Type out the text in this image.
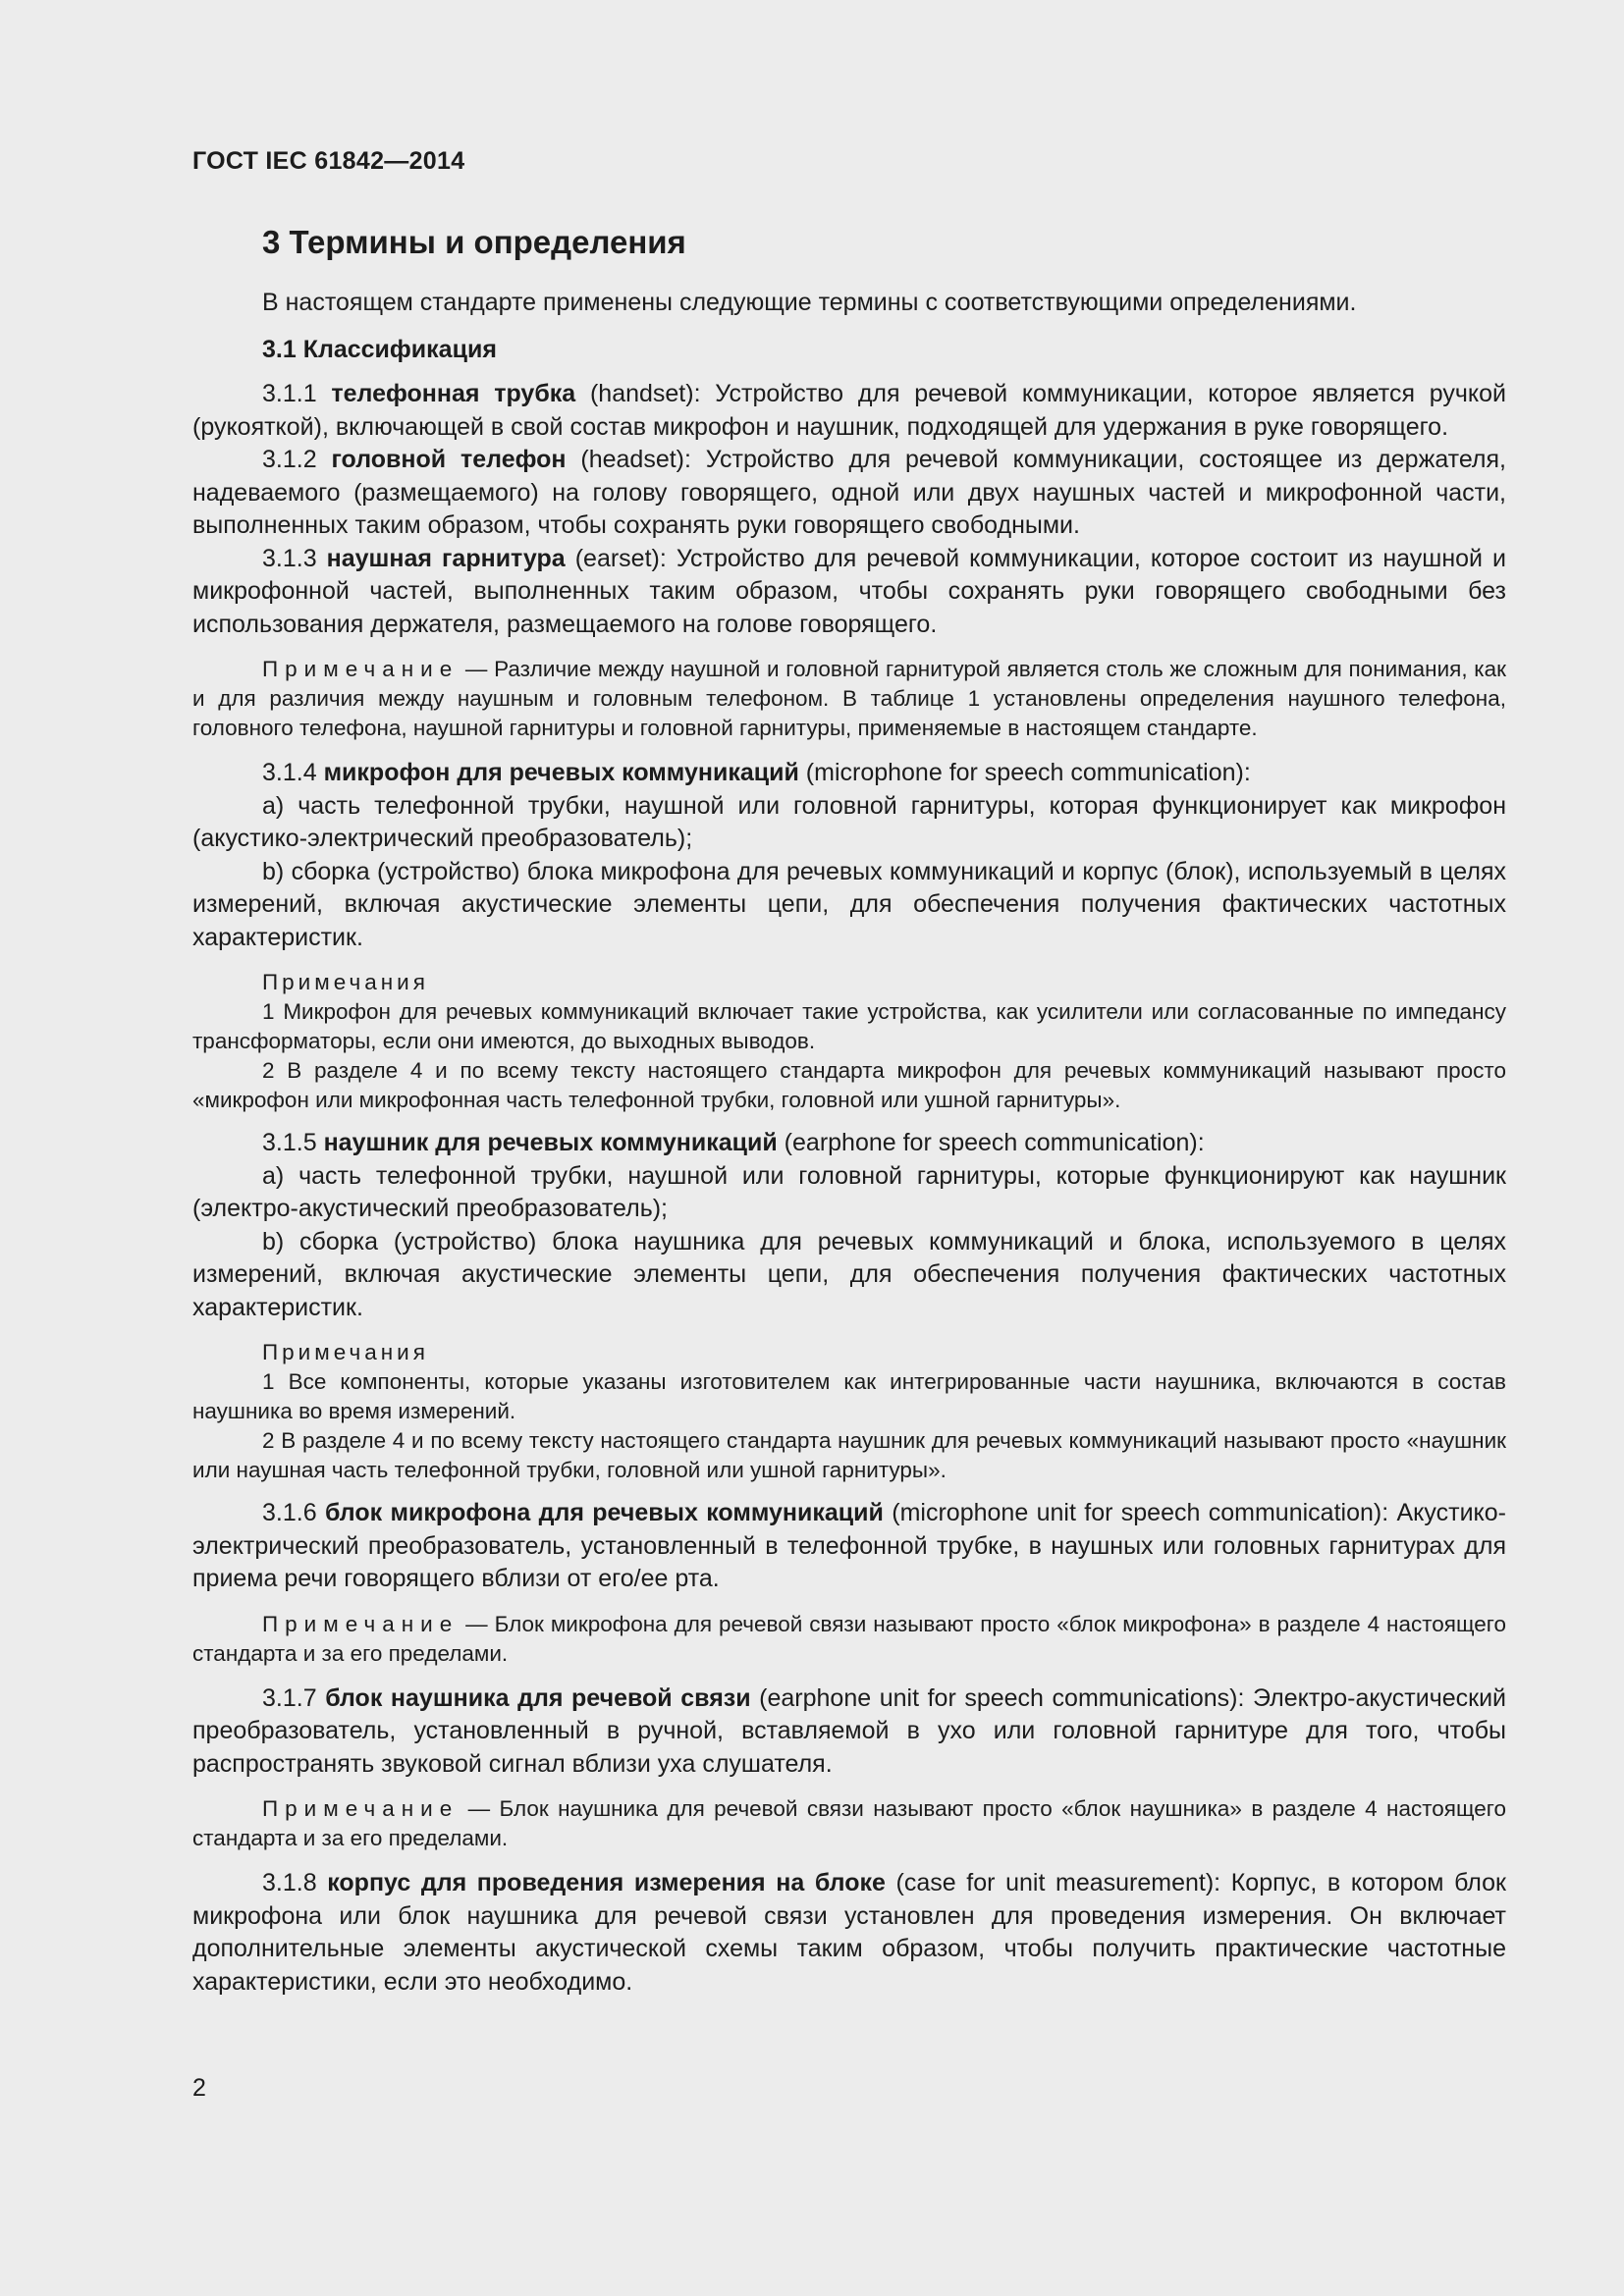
ГОСТ IEC 61842—2014
3 Термины и определения

В настоящем стандарте применены следующие термины с соответствующими определениями.

3.1 Классификация

3.1.1 телефонная трубка (handset): Устройство для речевой коммуникации, которое является ручкой (рукояткой), включающей в свой состав микрофон и наушник, подходящей для удержания в руке говорящего.

3.1.2 головной телефон (headset): Устройство для речевой коммуникации, состоящее из держателя, надеваемого (размещаемого) на голову говорящего, одной или двух наушных частей и микрофонной части, выполненных таким образом, чтобы сохранять руки говорящего свободными.

3.1.3 наушная гарнитура (earset): Устройство для речевой коммуникации, которое состоит из наушной и микрофонной частей, выполненных таким образом, чтобы сохранять руки говорящего свободными без использования держателя, размещаемого на голове говорящего.

Примечание — Различие между наушной и головной гарнитурой является столь же сложным для понимания, как и для различия между наушным и головным телефоном. В таблице 1 установлены определения наушного телефона, головного телефона, наушной гарнитуры и головной гарнитуры, применяемые в настоящем стандарте.

3.1.4 микрофон для речевых коммуникаций (microphone for speech communication):

a) часть телефонной трубки, наушной или головной гарнитуры, которая функционирует как микрофон (акустико-электрический преобразователь);

b) сборка (устройство) блока микрофона для речевых коммуникаций и корпус (блок), используемый в целях измерений, включая акустические элементы цепи, для обеспечения получения фактических частотных характеристик.

Примечания

1 Микрофон для речевых коммуникаций включает такие устройства, как усилители или согласованные по импедансу трансформаторы, если они имеются, до выходных выводов.

2 В разделе 4 и по всему тексту настоящего стандарта микрофон для речевых коммуникаций называют просто «микрофон или микрофонная часть телефонной трубки, головной или ушной гарнитуры».

3.1.5 наушник для речевых коммуникаций (earphone for speech communication):

a) часть телефонной трубки, наушной или головной гарнитуры, которые функционируют как наушник (электро-акустический преобразователь);

b) сборка (устройство) блока наушника для речевых коммуникаций и блока, используемого в целях измерений, включая акустические элементы цепи, для обеспечения получения фактических частотных характеристик.

Примечания

1 Все компоненты, которые указаны изготовителем как интегрированные части наушника, включаются в состав наушника во время измерений.

2 В разделе 4 и по всему тексту настоящего стандарта наушник для речевых коммуникаций называют просто «наушник или наушная часть телефонной трубки, головной или ушной гарнитуры».

3.1.6 блок микрофона для речевых коммуникаций (microphone unit for speech communication): Акустико-электрический преобразователь, установленный в телефонной трубке, в наушных или головных гарнитурах для приема речи говорящего вблизи от его/ее рта.

Примечание — Блок микрофона для речевой связи называют просто «блок микрофона» в разделе 4 настоящего стандарта и за его пределами.

3.1.7 блок наушника для речевой связи (earphone unit for speech communications): Электро-акустический преобразователь, установленный в ручной, вставляемой в ухо или головной гарнитуре для того, чтобы распространять звуковой сигнал вблизи уха слушателя.

Примечание — Блок наушника для речевой связи называют просто «блок наушника» в разделе 4 настоящего стандарта и за его пределами.

3.1.8 корпус для проведения измерения на блоке (case for unit measurement): Корпус, в котором блок микрофона или блок наушника для речевой связи установлен для проведения измерения. Он включает дополнительные элементы акустической схемы таким образом, чтобы получить практические частотные характеристики, если это необходимо.

2
